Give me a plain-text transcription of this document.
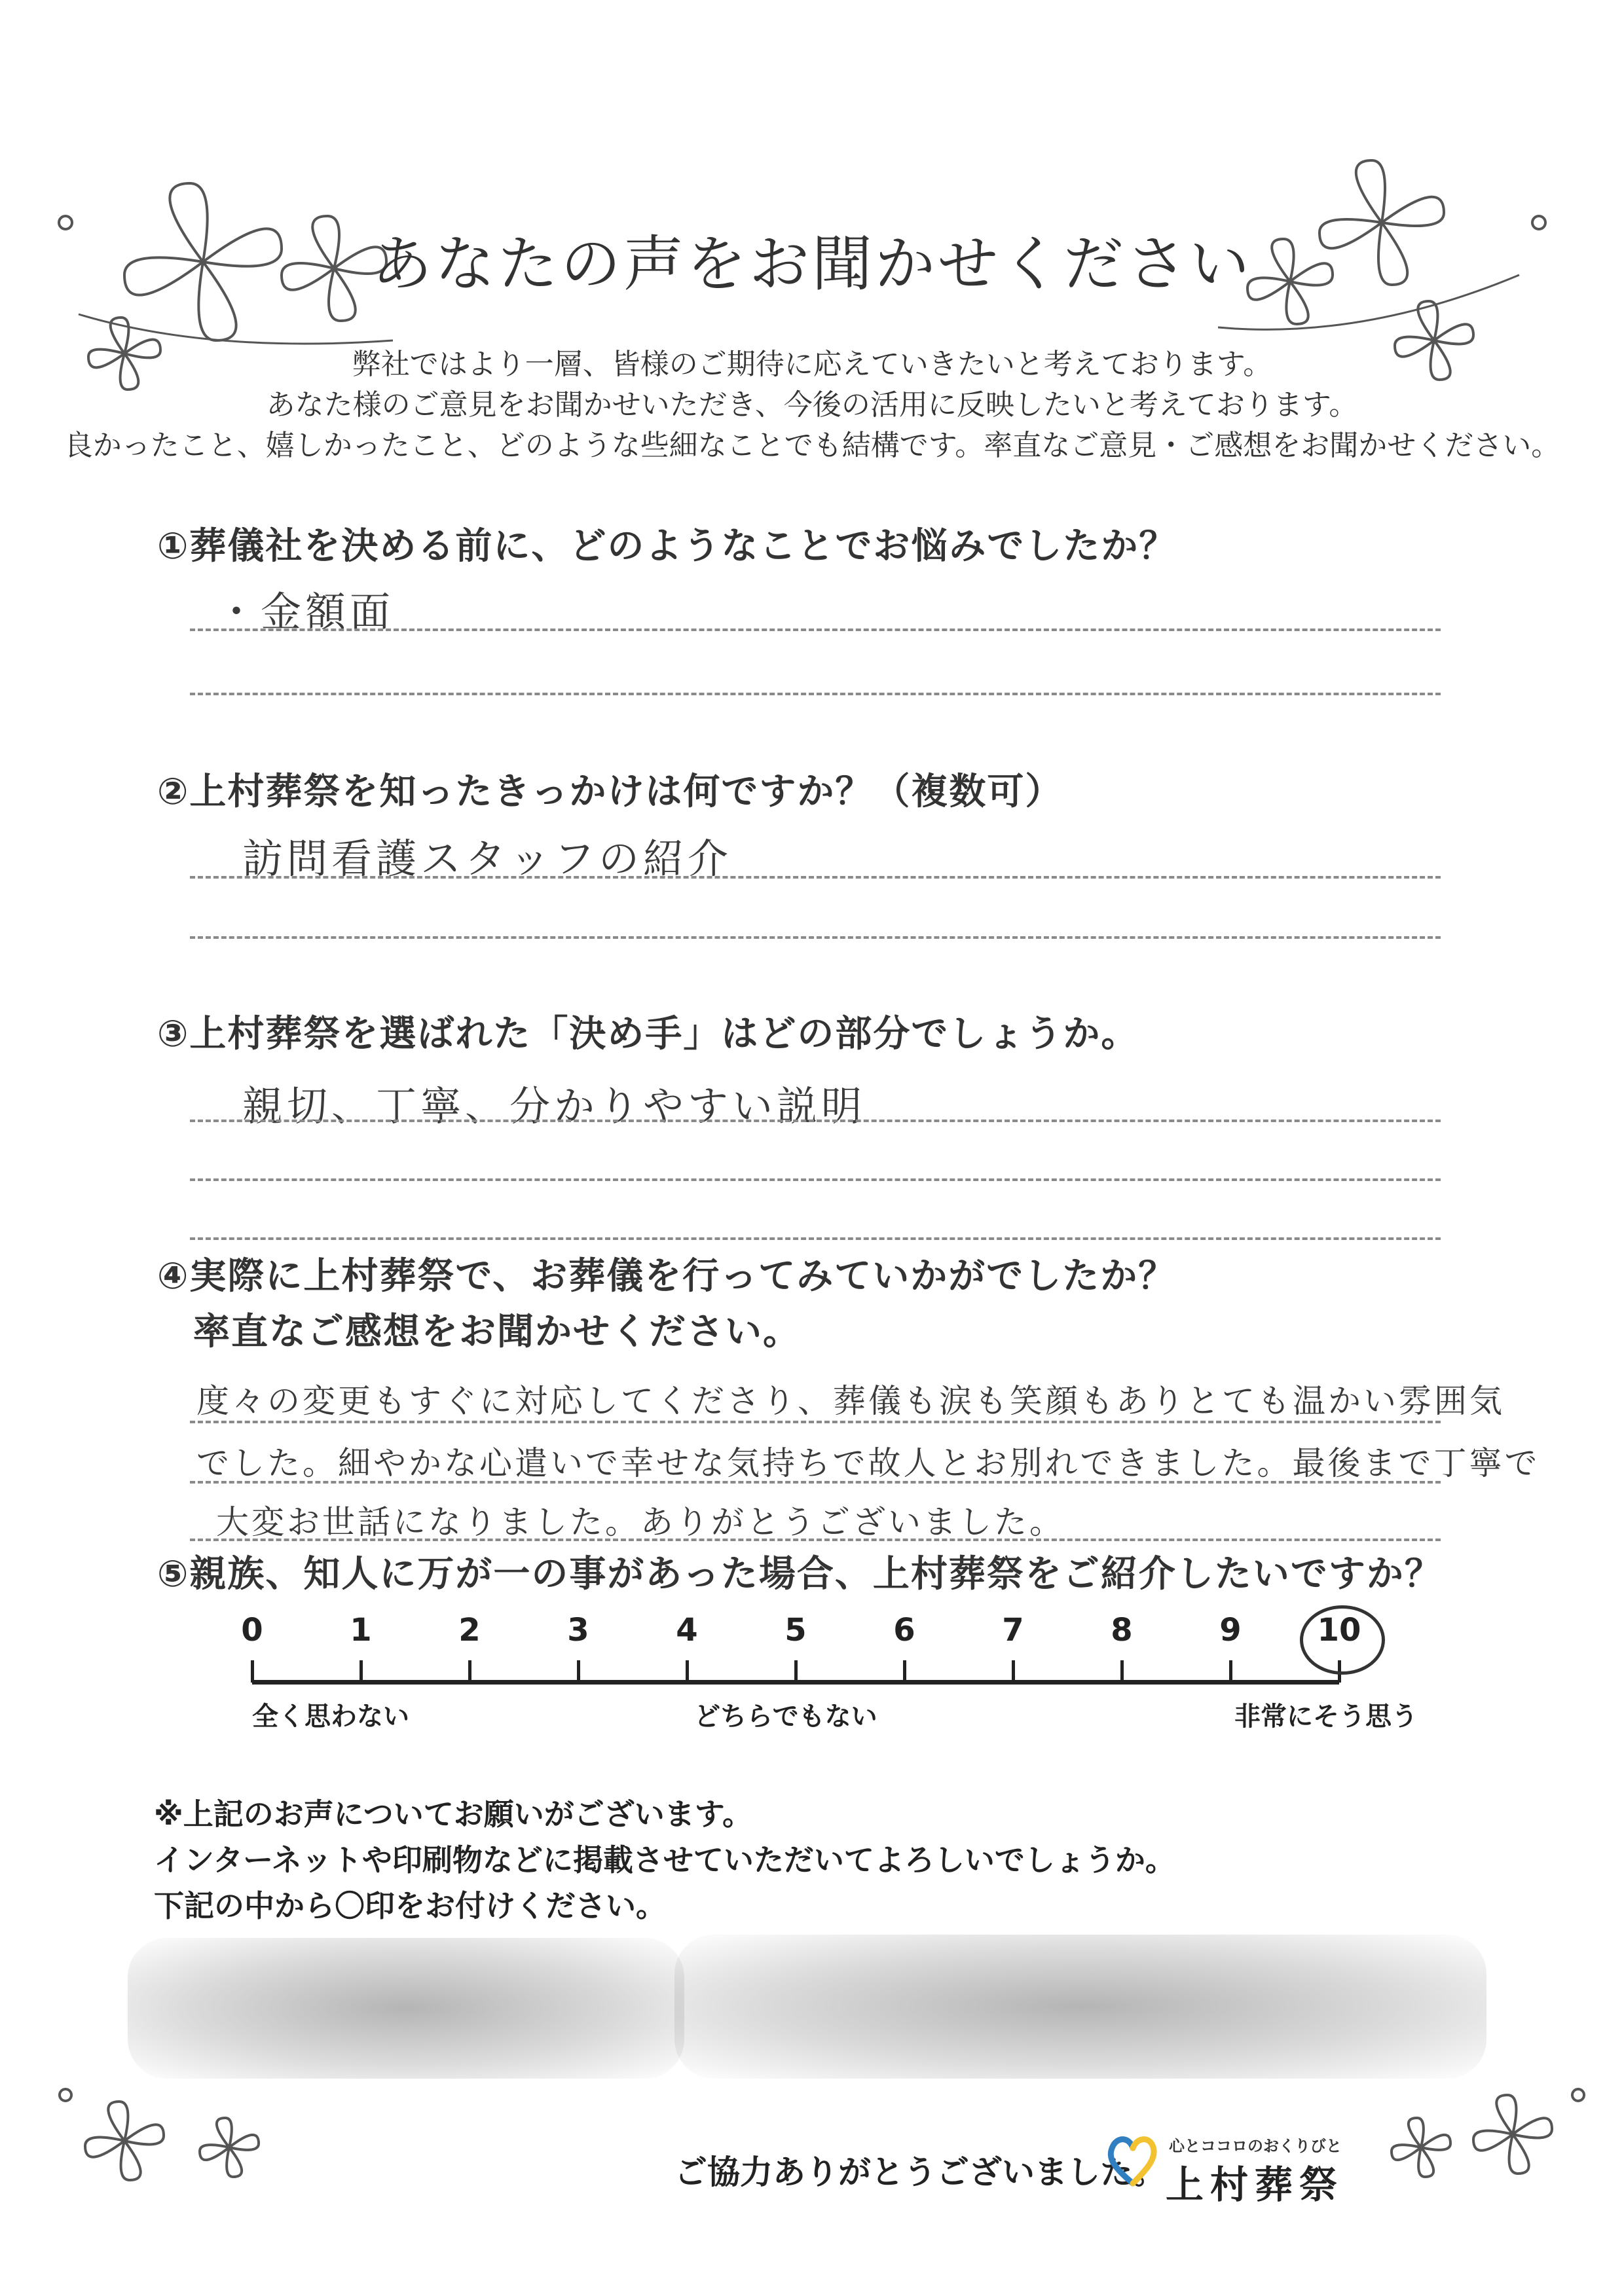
あなたの声をお聞かせください
弊社ではより一層、皆様のご期待に応えていきたいと考えております。
あなた様のご意見をお聞かせいただき、今後の活用に反映したいと考えております。
良かったこと、嬉しかったこと、どのような些細なことでも結構です。率直なご意見・ご感想をお聞かせください。
①葬儀社を決める前に、どのようなことでお悩みでしたか？
・金額面
②上村葬祭を知ったきっかけは何ですか？（複数可）
訪問看護スタッフの紹介
③上村葬祭を選ばれた「決め手」はどの部分でしょうか。
親切、丁寧、分かりやすい説明
④実際に上村葬祭で、お葬儀を行ってみていかがでしたか？
率直なご感想をお聞かせください。
度々の変更もすぐに対応してくださり、葬儀も涙も笑顔もありとても温かい雰囲気
でした。細やかな心遣いで幸せな気持ちで故人とお別れできました。最後まで丁寧で
大変お世話になりました。ありがとうございました。
⑤親族、知人に万が一の事があった場合、上村葬祭をご紹介したいですか？
0	1	2	3	4	5	6	7	8	9	10
全く思わない	どちらでもない	非常にそう思う
※上記のお声についてお願いがございます。
インターネットや印刷物などに掲載させていただいてよろしいでしょうか。
下記の中から〇印をお付けください。
ご協力ありがとうございました。
心とココロのおくりびと
上村葬祭
